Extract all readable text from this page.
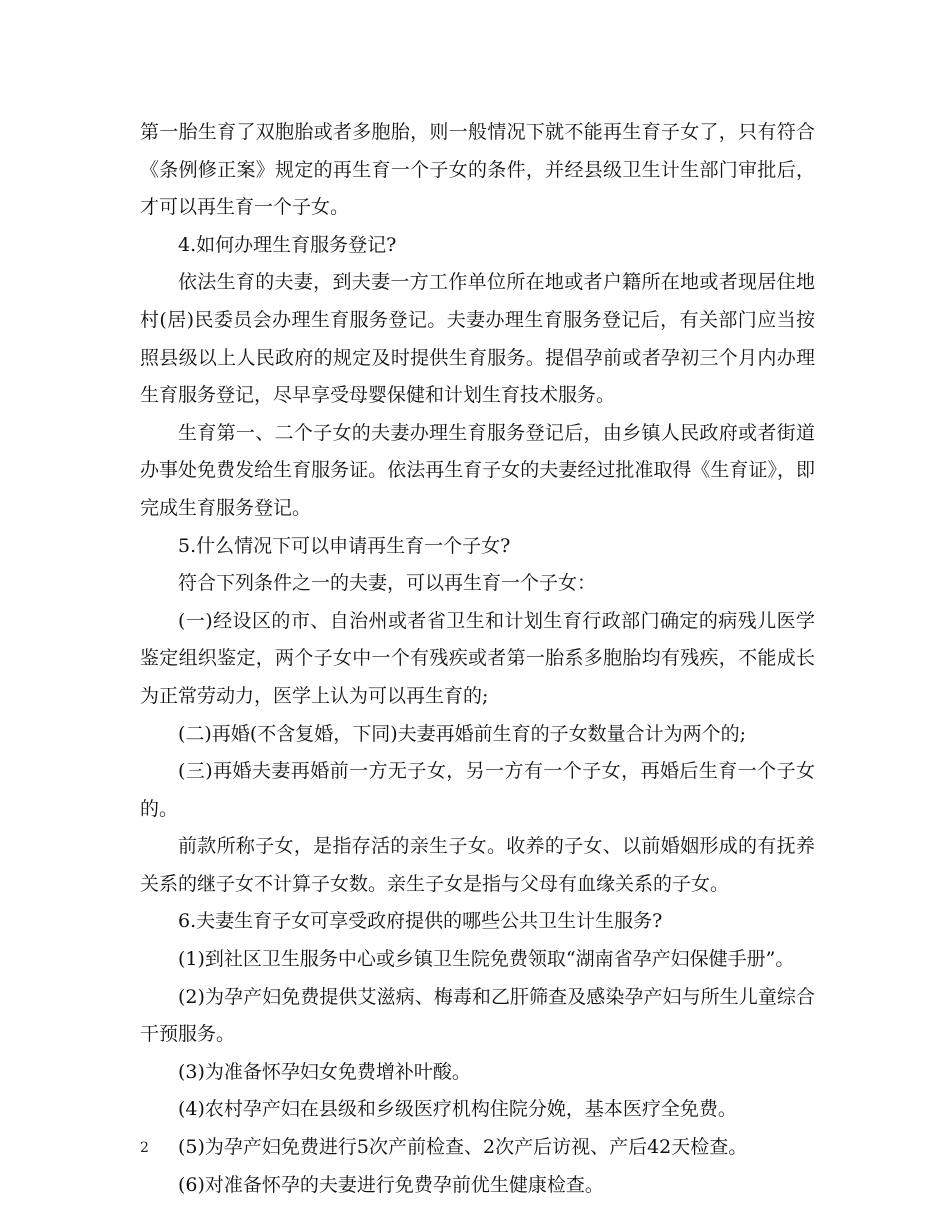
第一胎生育了双胞胎或者多胞胎，则一般情况下就不能再生育子女了，只有符合《条例修正案》规定的再生育一个子女的条件，并经县级卫生计生部门审批后，才可以再生育一个子女。

4.如何办理生育服务登记?

依法生育的夫妻，到夫妻一方工作单位所在地或者户籍所在地或者现居住地村(居)民委员会办理生育服务登记。夫妻办理生育服务登记后，有关部门应当按照县级以上人民政府的规定及时提供生育服务。提倡孕前或者孕初三个月内办理生育服务登记，尽早享受母婴保健和计划生育技术服务。

生育第一、二个子女的夫妻办理生育服务登记后，由乡镇人民政府或者街道办事处免费发给生育服务证。依法再生育子女的夫妻经过批准取得《生育证》，即完成生育服务登记。

5.什么情况下可以申请再生育一个子女?

符合下列条件之一的夫妻，可以再生育一个子女：

(一)经设区的市、自治州或者省卫生和计划生育行政部门确定的病残儿医学鉴定组织鉴定，两个子女中一个有残疾或者第一胎系多胞胎均有残疾，不能成长为正常劳动力，医学上认为可以再生育的;

(二)再婚(不含复婚，下同)夫妻再婚前生育的子女数量合计为两个的;

(三)再婚夫妻再婚前一方无子女，另一方有一个子女，再婚后生育一个子女的。

前款所称子女，是指存活的亲生子女。收养的子女、以前婚姻形成的有抚养关系的继子女不计算子女数。亲生子女是指与父母有血缘关系的子女。

6.夫妻生育子女可享受政府提供的哪些公共卫生计生服务?

(1)到社区卫生服务中心或乡镇卫生院免费领取“湖南省孕产妇保健手册”。

(2)为孕产妇免费提供艾滋病、梅毒和乙肝筛查及感染孕产妇与所生儿童综合干预服务。

(3)为准备怀孕妇女免费增补叶酸。

(4)农村孕产妇在县级和乡级医疗机构住院分娩，基本医疗全免费。

(5)为孕产妇免费进行5次产前检查、2次产后访视、产后42天检查。

(6)对准备怀孕的夫妻进行免费孕前优生健康检查。

2
